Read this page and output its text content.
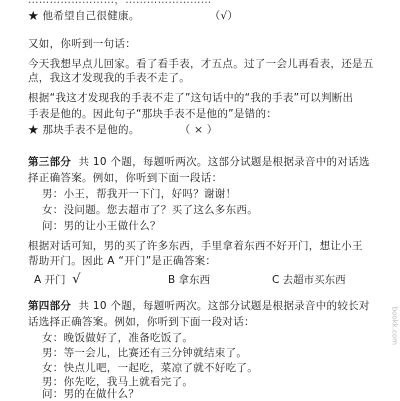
……………………，……………………
★ 他希望自己很健康。	（√）
又如，你听到一句话：
今天我想早点儿回家。看了看手表，才五点。过了一会儿再看表，还是五
点，我这才发现我的手表不走了。
根据“我这才发现我的手表不走了”这句话中的“我的手表”可以判断出
手表是他的。因此句子“那块手表不是他的”是错的：
★ 那块手表不是他的。	（ × ）
第三部分 共 10 个题，每题听两次。这部分试题是根据录音中的对话选
择正确答案。例如，你听到下面一段话：
男：小王，帮我开一下门，好吗？谢谢！
女：没问题。您去超市了？买了这么多东西。
问：男的让小王做什么？
根据对话可知，男的买了许多东西，手里拿着东西不好开门，想让小王
帮助开门。因此 A “开门”是正确答案：
A 开门 √	B 拿东西	C 去超市买东西
第四部分 共 10 个题，每题听两次。这部分试题是根据录音中的较长对
话选择正确答案。例如，你听到下面一段对话：
女：晚饭做好了，准备吃饭了。
男：等一会儿，比赛还有三分钟就结束了。
女：快点儿吧，一起吃，菜凉了就不好吃了。
男：你先吃，我马上就看完了。
问：男的在做什么？
bookk.com
